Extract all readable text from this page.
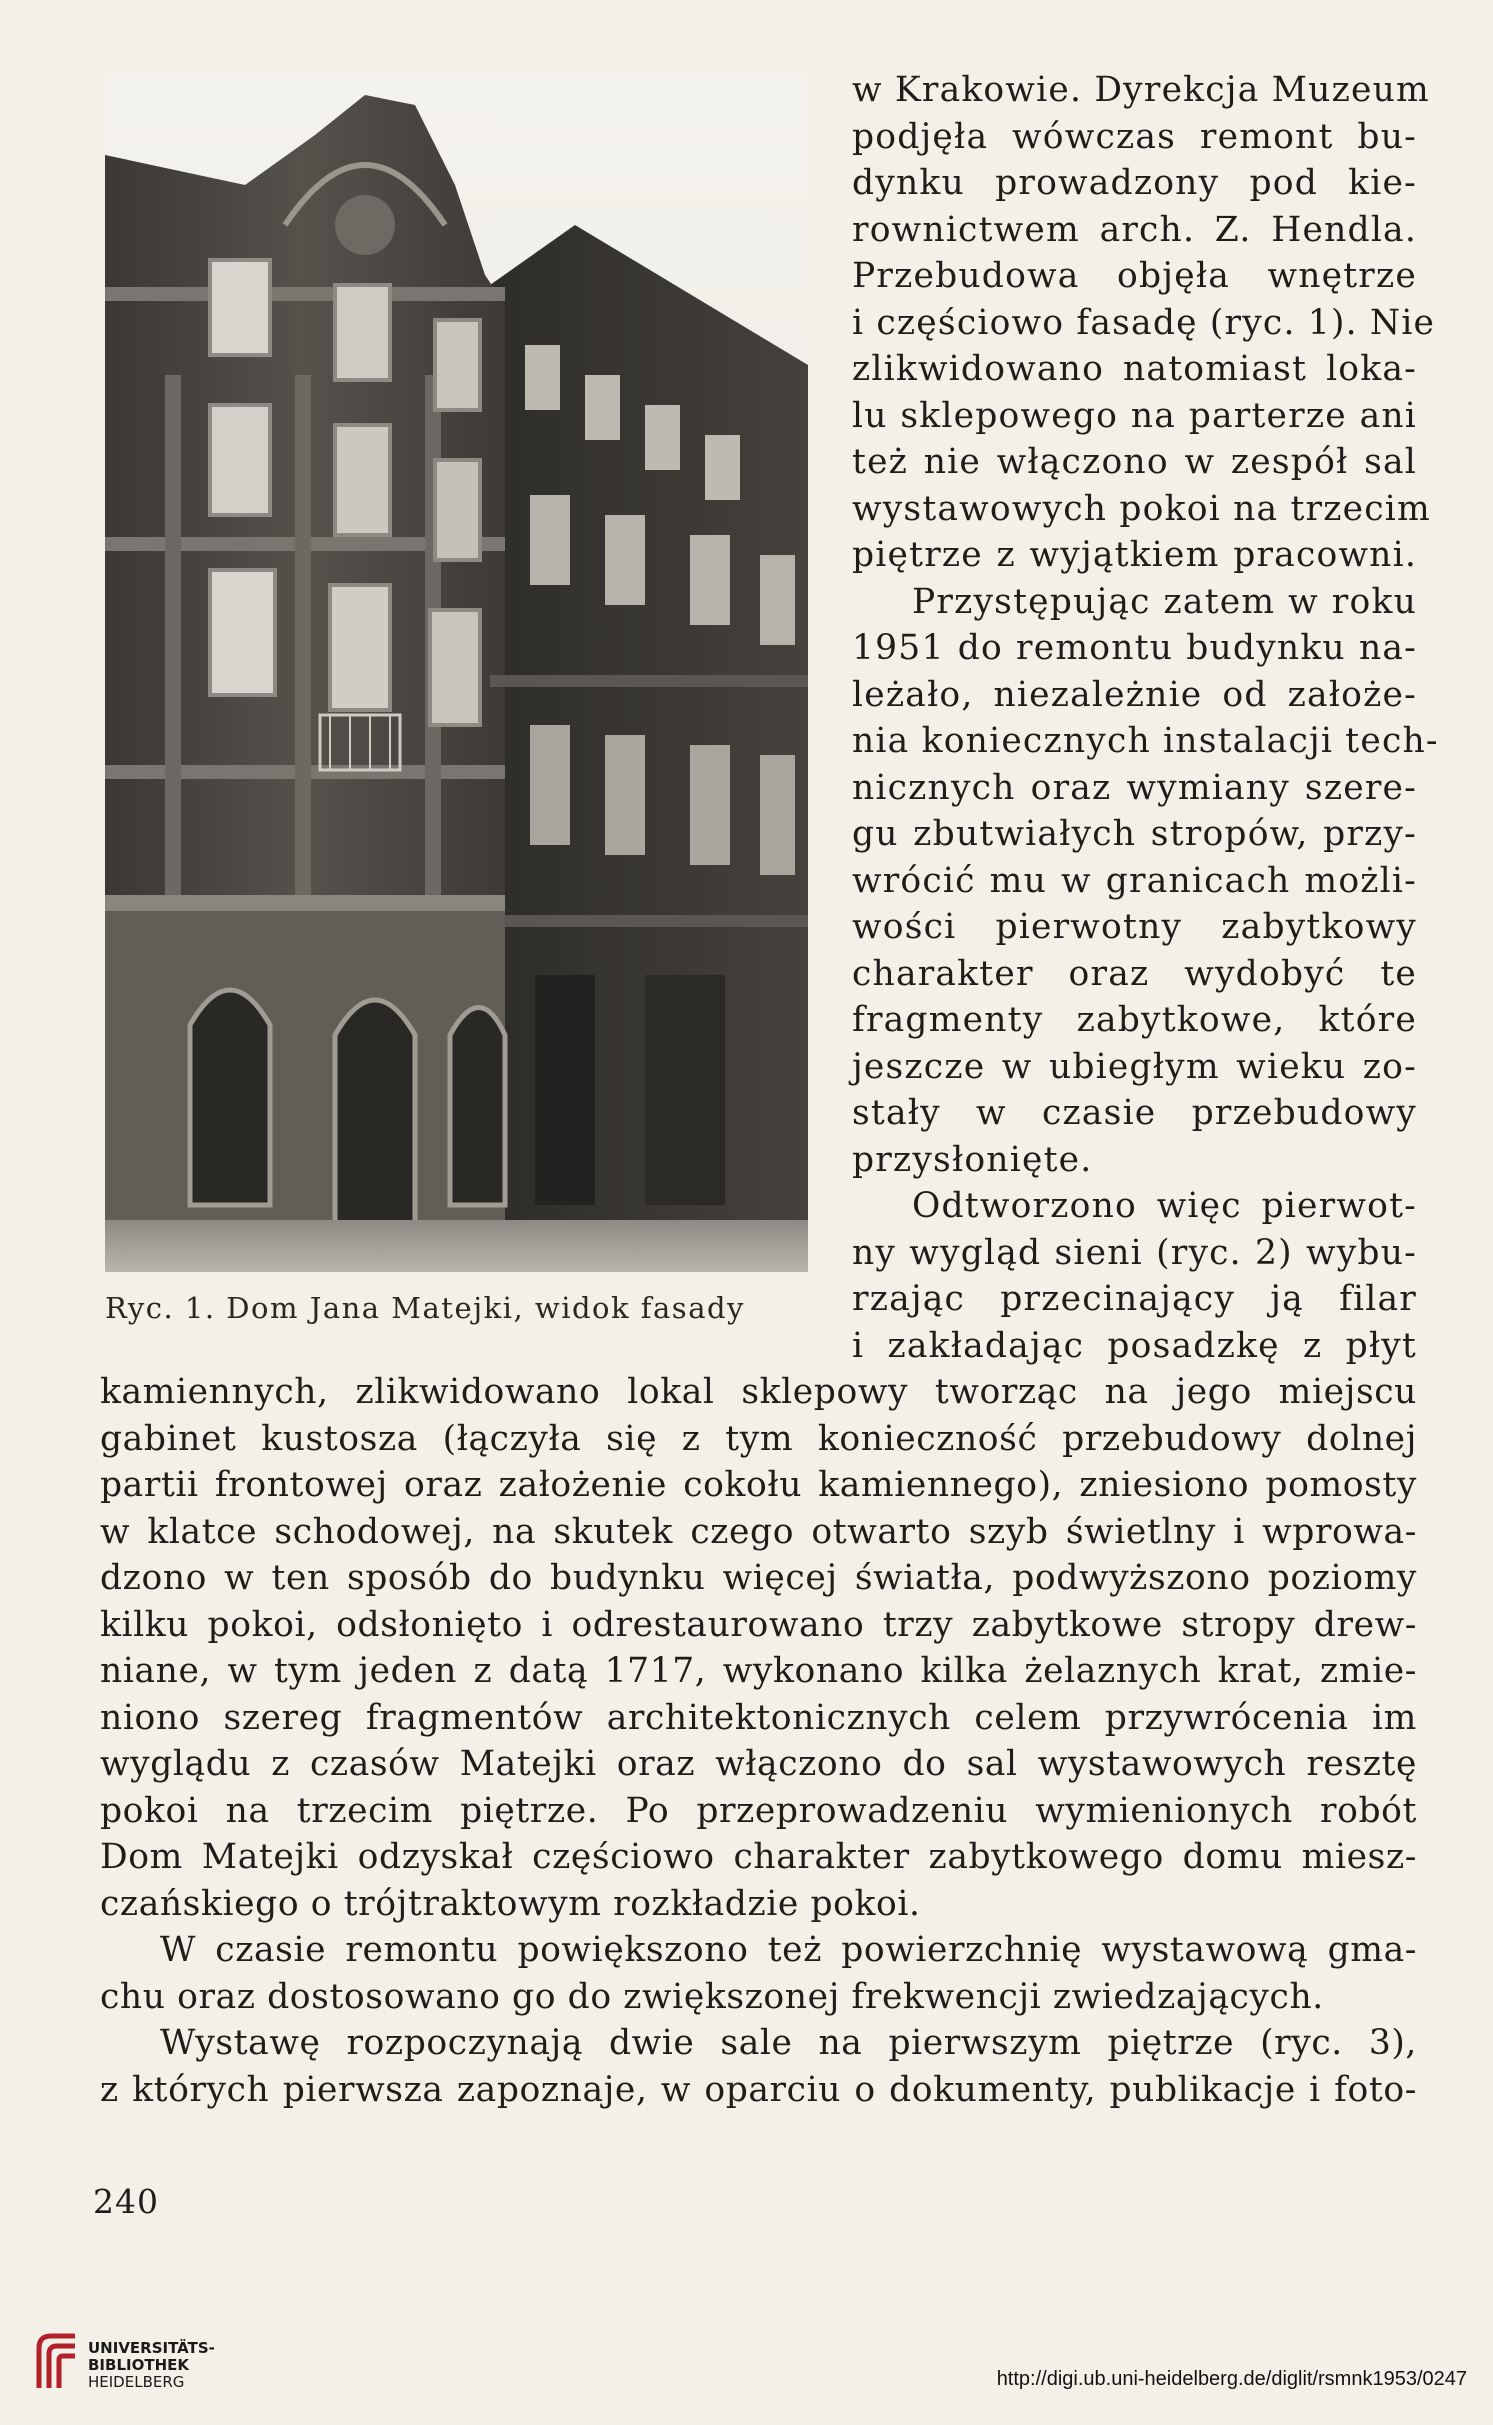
Ryc. 1. Dom Jana Matejki, widok fasady
w Krakowie. Dyrekcja Muzeum
podjęła wówczas remont bu-
dynku prowadzony pod kie-
rownictwem arch. Z. Hendla.
Przebudowa objęła wnętrze
i częściowo fasadę (ryc. 1). Nie
zlikwidowano natomiast loka-
lu sklepowego na parterze ani
też nie włączono w zespół sal
wystawowych pokoi na trzecim
piętrze z wyjątkiem pracowni.
Przystępując zatem w roku
1951 do remontu budynku na-
leżało, niezależnie od założe-
nia koniecznych instalacji tech-
nicznych oraz wymiany szere-
gu zbutwiałych stropów, przy-
wrócić mu w granicach możli-
wości pierwotny zabytkowy
charakter oraz wydobyć te
fragmenty zabytkowe, które
jeszcze w ubiegłym wieku zo-
stały w czasie przebudowy
przysłonięte.
Odtworzono więc pierwot-
ny wygląd sieni (ryc. 2) wybu-
rzając przecinający ją filar
i zakładając posadzkę z płyt
kamiennych, zlikwidowano lokal sklepowy tworząc na jego miejscu
gabinet kustosza (łączyła się z tym konieczność przebudowy dolnej
partii frontowej oraz założenie cokołu kamiennego), zniesiono pomosty
w klatce schodowej, na skutek czego otwarto szyb świetlny i wprowa-
dzono w ten sposób do budynku więcej światła, podwyższono poziomy
kilku pokoi, odsłonięto i odrestaurowano trzy zabytkowe stropy drew-
niane, w tym jeden z datą 1717, wykonano kilka żelaznych krat, zmie-
niono szereg fragmentów architektonicznych celem przywrócenia im
wyglądu z czasów Matejki oraz włączono do sal wystawowych resztę
pokoi na trzecim piętrze. Po przeprowadzeniu wymienionych robót
Dom Matejki odzyskał częściowo charakter zabytkowego domu miesz-
czańskiego o trójtraktowym rozkładzie pokoi.
W czasie remontu powiększono też powierzchnię wystawową gma-
chu oraz dostosowano go do zwiększonej frekwencji zwiedzających.
Wystawę rozpoczynają dwie sale na pierwszym piętrze (ryc. 3),
z których pierwsza zapoznaje, w oparciu o dokumenty, publikacje i foto-
240
UNIVERSITÄTS-
BIBLIOTHEK
HEIDELBERG	http://digi.ub.uni-heidelberg.de/diglit/rsmnk1953/0247
